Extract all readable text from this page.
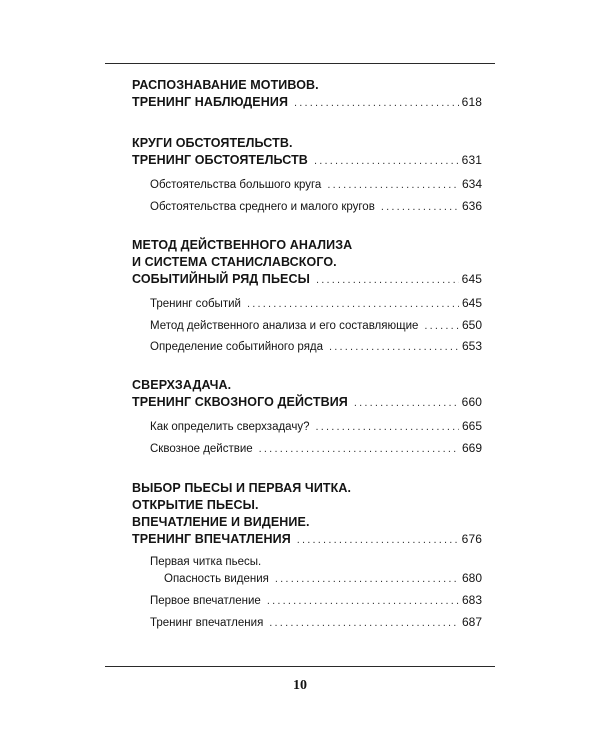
РАСПОЗНАВАНИЕ МОТИВОВ.
ТРЕНИНГ НАБЛЮДЕНИЯ .....	618
КРУГИ ОБСТОЯТЕЛЬСТВ.
ТРЕНИНГ ОБСТОЯТЕЛЬСТВ .....	631
Обстоятельства большого круга .....	634
Обстоятельства среднего и малого кругов .....	636
МЕТОД ДЕЙСТВЕННОГО АНАЛИЗА
И СИСТЕМА СТАНИСЛАВСКОГО.
СОБЫТИЙНЫЙ РЯД ПЬЕСЫ .....	645
Тренинг событий .....	645
Метод действенного анализа и его составляющие .....	650
Определение событийного ряда .....	653
СВЕРХЗАДАЧА.
ТРЕНИНГ СКВОЗНОГО ДЕЙСТВИЯ .....	660
Как определить сверхзадачу? .....	665
Сквозное действие .....	669
ВЫБОР ПЬЕСЫ И ПЕРВАЯ ЧИТКА.
ОТКРЫТИЕ ПЬЕСЫ.
ВПЕЧАТЛЕНИЕ И ВИДЕНИЕ.
ТРЕНИНГ ВПЕЧАТЛЕНИЯ .....	676
Первая читка пьесы.
Опасность видения .....	680
Первое впечатление .....	683
Тренинг впечатления .....	687
10
